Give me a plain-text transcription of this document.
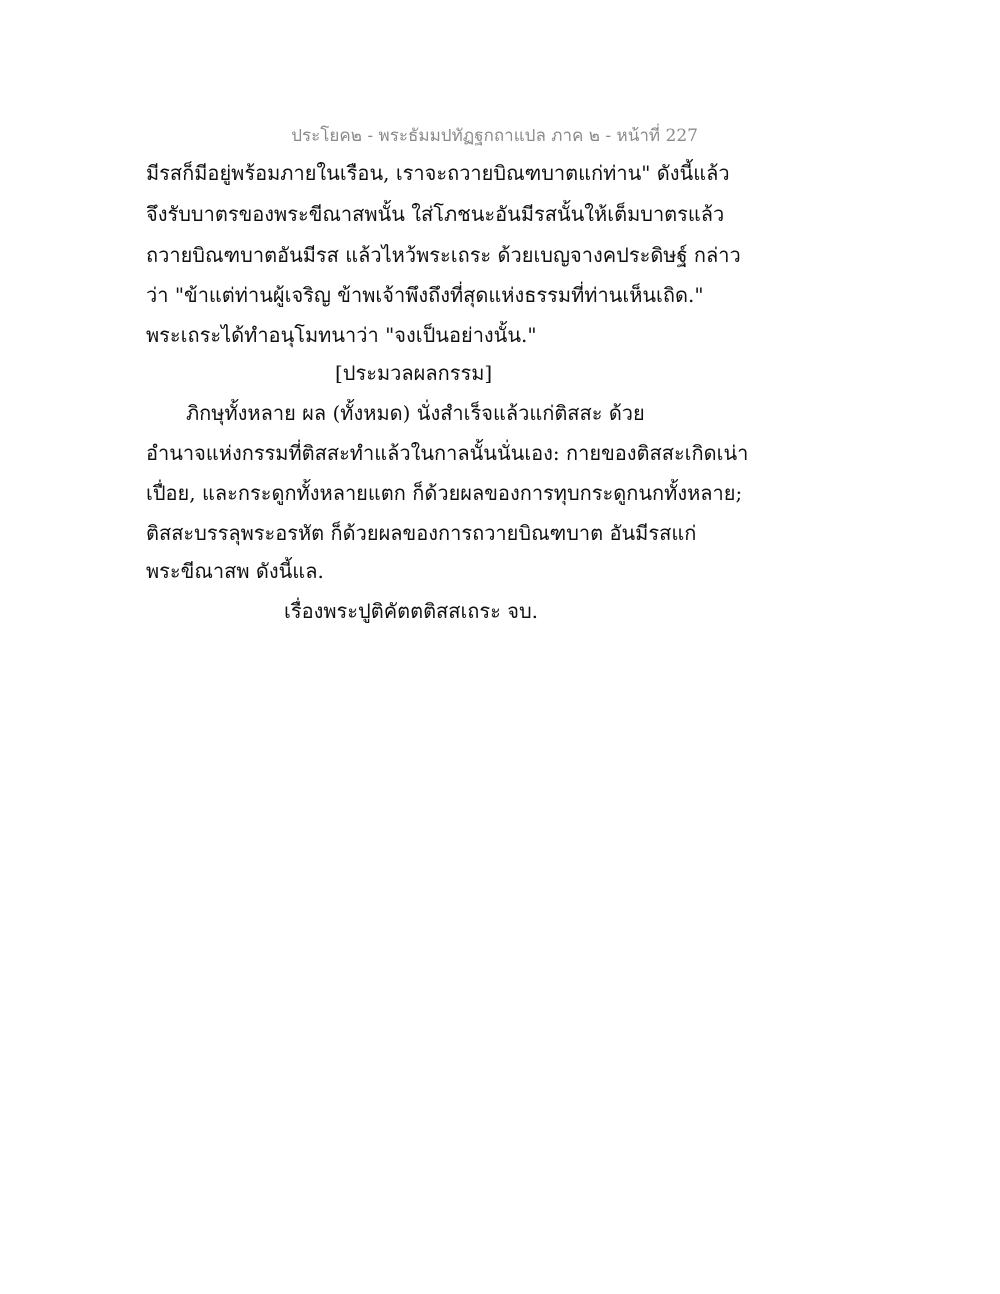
ประโยค๒ - พระธัมมปทัฏฐกถาแปล ภาค ๒ - หน้าที่ 227
มีรสก็มีอยู่พร้อมภายในเรือน, เราจะถวายบิณฑบาตแก่ท่าน" ดังนี้แล้ว
จึงรับบาตรของพระขีณาสพนั้น ใส่โภชนะอันมีรสนั้นให้เต็มบาตรแล้ว
ถวายบิณฑบาตอันมีรส แล้วไหว้พระเถระ ด้วยเบญจางคประดิษฐ์ กล่าว
ว่า "ข้าแต่ท่านผู้เจริญ ข้าพเจ้าพึงถึงที่สุดแห่งธรรมที่ท่านเห็นเถิด."
พระเถระได้ทำอนุโมทนาว่า "จงเป็นอย่างนั้น."
[ประมวลผลกรรม]
ภิกษุทั้งหลาย ผล (ทั้งหมด) นั่งสำเร็จแล้วแก่ติสสะ ด้วย
อำนาจแห่งกรรมที่ติสสะทำแล้วในกาลนั้นนั่นเอง: กายของติสสะเกิดเน่า
เปื่อย, และกระดูกทั้งหลายแตก ก็ด้วยผลของการทุบกระดูกนกทั้งหลาย;
ติสสะบรรลุพระอรหัต ก็ด้วยผลของการถวายบิณฑบาต อันมีรสแก่
พระขีณาสพ ดังนี้แล.
เรื่องพระปูติคัตตติสสเถระ จบ.
